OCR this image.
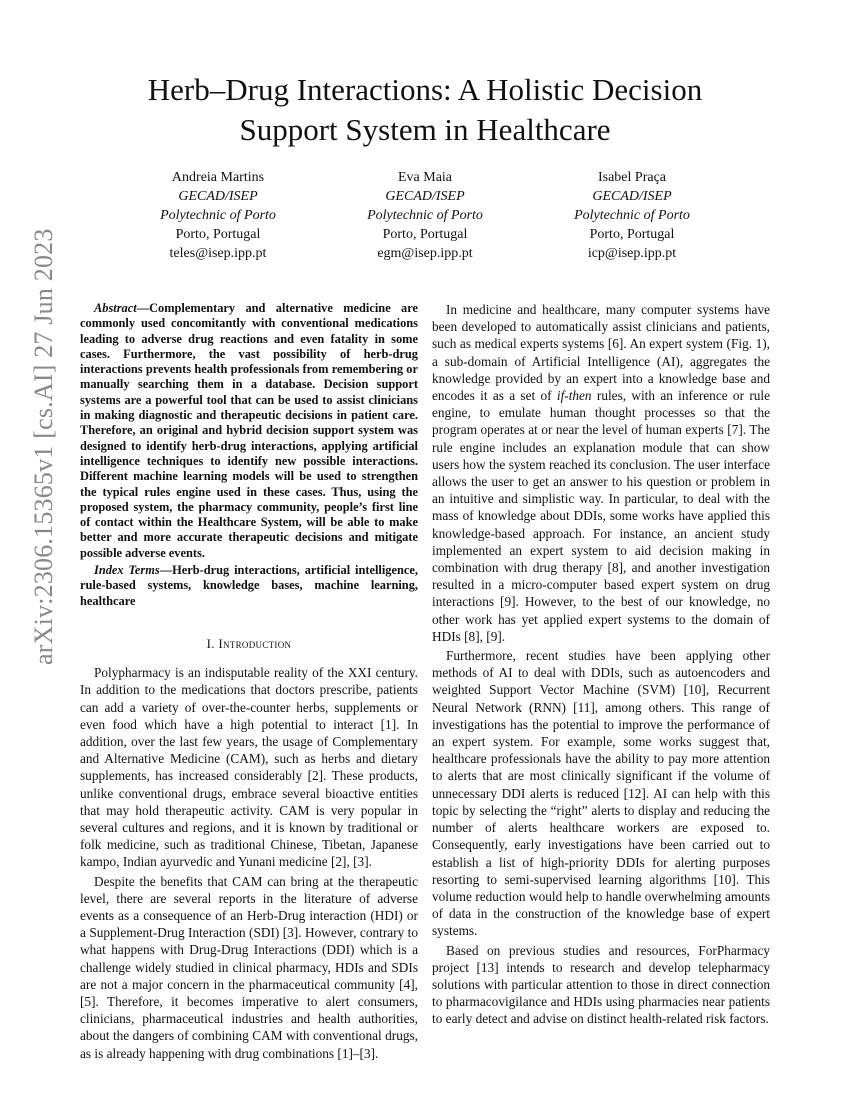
Herb–Drug Interactions: A Holistic Decision
Support System in Healthcare
Andreia Martins
GECAD/ISEP
Polytechnic of Porto
Porto, Portugal
teles@isep.ipp.pt
Eva Maia
GECAD/ISEP
Polytechnic of Porto
Porto, Portugal
egm@isep.ipp.pt
Isabel Praça
GECAD/ISEP
Polytechnic of Porto
Porto, Portugal
icp@isep.ipp.pt
arXiv:2306.15365v1 [cs.AI] 27 Jun 2023	Abstract—Complementary and alternative medicine are commonly used concomitantly with conventional medications leading to adverse drug reactions and even fatality in some cases. Furthermore, the vast possibility of herb-drug interactions prevents health professionals from remembering or manually searching them in a database. Decision support systems are a powerful tool that can be used to assist clinicians in making diagnostic and therapeutic decisions in patient care. Therefore, an original and hybrid decision support system was designed to identify herb-drug interactions, applying artificial intelligence techniques to identify new possible interactions. Different machine learning models will be used to strengthen the typical rules engine used in these cases. Thus, using the proposed system, the pharmacy community, people’s first line of contact within the Healthcare System, will be able to make better and more accurate therapeutic decisions and mitigate possible adverse events.

Index Terms—Herb-drug interactions, artificial intelligence, rule-based systems, knowledge bases, machine learning, healthcare

I. Introduction

Polypharmacy is an indisputable reality of the XXI century. In addition to the medications that doctors prescribe, patients can add a variety of over-the-counter herbs, supplements or even food which have a high potential to interact [1]. In addition, over the last few years, the usage of Complementary and Alternative Medicine (CAM), such as herbs and dietary supplements, has increased considerably [2]. These products, unlike conventional drugs, embrace several bioactive entities that may hold therapeutic activity. CAM is very popular in several cultures and regions, and it is known by traditional or folk medicine, such as traditional Chinese, Tibetan, Japanese kampo, Indian ayurvedic and Yunani medicine [2], [3].

Despite the benefits that CAM can bring at the therapeutic level, there are several reports in the literature of adverse events as a consequence of an Herb-Drug interaction (HDI) or a Supplement-Drug Interaction (SDI) [3]. However, contrary to what happens with Drug-Drug Interactions (DDI) which is a challenge widely studied in clinical pharmacy, HDIs and SDIs are not a major concern in the pharmaceutical community [4], [5]. Therefore, it becomes imperative to alert consumers, clinicians, pharmaceutical industries and health authorities, about the dangers of combining CAM with conventional drugs, as is already happening with drug combinations [1]–[3].

In medicine and healthcare, many computer systems have been developed to automatically assist clinicians and patients, such as medical experts systems [6]. An expert system (Fig. 1), a sub-domain of Artificial Intelligence (AI), aggregates the knowledge provided by an expert into a knowledge base and encodes it as a set of if-then rules, with an inference or rule engine, to emulate human thought processes so that the program operates at or near the level of human experts [7]. The rule engine includes an explanation module that can show users how the system reached its conclusion. The user interface allows the user to get an answer to his question or problem in an intuitive and simplistic way. In particular, to deal with the mass of knowledge about DDIs, some works have applied this knowledge-based approach. For instance, an ancient study implemented an expert system to aid decision making in combination with drug therapy [8], and another investigation resulted in a micro-computer based expert system on drug interactions [9]. However, to the best of our knowledge, no other work has yet applied expert systems to the domain of HDIs [8], [9].

Furthermore, recent studies have been applying other methods of AI to deal with DDIs, such as autoencoders and weighted Support Vector Machine (SVM) [10], Recurrent Neural Network (RNN) [11], among others. This range of investigations has the potential to improve the performance of an expert system. For example, some works suggest that, healthcare professionals have the ability to pay more attention to alerts that are most clinically significant if the volume of unnecessary DDI alerts is reduced [12]. AI can help with this topic by selecting the “right” alerts to display and reducing the number of alerts healthcare workers are exposed to. Consequently, early investigations have been carried out to establish a list of high-priority DDIs for alerting purposes resorting to semi-supervised learning algorithms [10]. This volume reduction would help to handle overwhelming amounts of data in the construction of the knowledge base of expert systems.

Based on previous studies and resources, ForPharmacy project [13] intends to research and develop telepharmacy solutions with particular attention to those in direct connection to pharmacovigilance and HDIs using pharmacies near patients to early detect and advise on distinct health-related risk factors.
